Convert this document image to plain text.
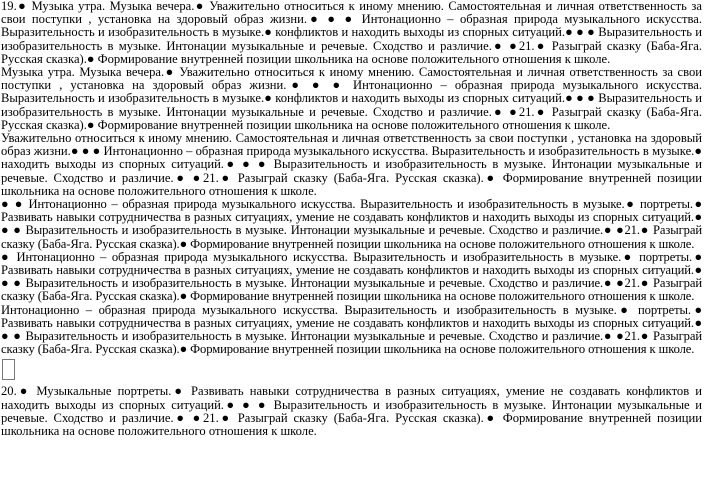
19.● Музыка утра. Музыка вечера.● Уважительно относиться к иному мнению. Самостоятельная и личная ответственность за свои поступки , установка на здоровый образ жизни.● ● ● Интонационно – образная природа музыкального искусства. Выразительность и изобразительность в музыке.● конфликтов и находить выходы из спорных ситуаций.● ● ● Выразительность и изобразительность в музыке. Интонации музыкальные и речевые. Сходство и различие.● ●21.● Разыграй сказку (Баба-Яга. Русская сказка).● Формирование внутренней позиции школьника на основе положительного отношения к школе.

Музыка утра. Музыка вечера.● Уважительно относиться к иному мнению. Самостоятельная и личная ответственность за свои поступки , установка на здоровый образ жизни.● ● ● Интонационно – образная природа музыкального искусства. Выразительность и изобразительность в музыке.● конфликтов и находить выходы из спорных ситуаций.● ● ● Выразительность и изобразительность в музыке. Интонации музыкальные и речевые. Сходство и различие.● ●21.● Разыграй сказку (Баба-Яга. Русская сказка).● Формирование внутренней позиции школьника на основе положительного отношения к школе.

Уважительно относиться к иному мнению. Самостоятельная и личная ответственность за свои поступки , установка на здоровый образ жизни.● ● ● Интонационно – образная природа музыкального искусства. Выразительность и изобразительность в музыке.● находить выходы из спорных ситуаций.● ● ● Выразительность и изобразительность в музыке. Интонации музыкальные и речевые. Сходство и различие.● ●21.● Разыграй сказку (Баба-Яга. Русская сказка).● Формирование внутренней позиции школьника на основе положительного отношения к школе.

● ● Интонационно – образная природа музыкального искусства. Выразительность и изобразительность в музыке.● портреты.● Развивать навыки сотрудничества в разных ситуациях, умение не создавать конфликтов и находить выходы из спорных ситуаций.● ● ● Выразительность и изобразительность в музыке. Интонации музыкальные и речевые. Сходство и различие.● ●21.● Разыграй сказку (Баба-Яга. Русская сказка).● Формирование внутренней позиции школьника на основе положительного отношения к школе.

● Интонационно – образная природа музыкального искусства. Выразительность и изобразительность в музыке.● портреты.● Развивать навыки сотрудничества в разных ситуациях, умение не создавать конфликтов и находить выходы из спорных ситуаций.● ● ● Выразительность и изобразительность в музыке. Интонации музыкальные и речевые. Сходство и различие.● ●21.● Разыграй сказку (Баба-Яга. Русская сказка).● Формирование внутренней позиции школьника на основе положительного отношения к школе.

Интонационно – образная природа музыкального искусства. Выразительность и изобразительность в музыке.● портреты.● Развивать навыки сотрудничества в разных ситуациях, умение не создавать конфликтов и находить выходы из спорных ситуаций.● ● ● Выразительность и изобразительность в музыке. Интонации музыкальные и речевые. Сходство и различие.● ●21.● Разыграй сказку (Баба-Яга. Русская сказка).● Формирование внутренней позиции школьника на основе положительного отношения к школе.

20.● Музыкальные портреты.● Развивать навыки сотрудничества в разных ситуациях, умение не создавать конфликтов и находить выходы из спорных ситуаций.● ● ● Выразительность и изобразительность в музыке. Интонации музыкальные и речевые. Сходство и различие.● ●21.● Разыграй сказку (Баба-Яга. Русская сказка).● Формирование внутренней позиции школьника на основе положительного отношения к школе.
